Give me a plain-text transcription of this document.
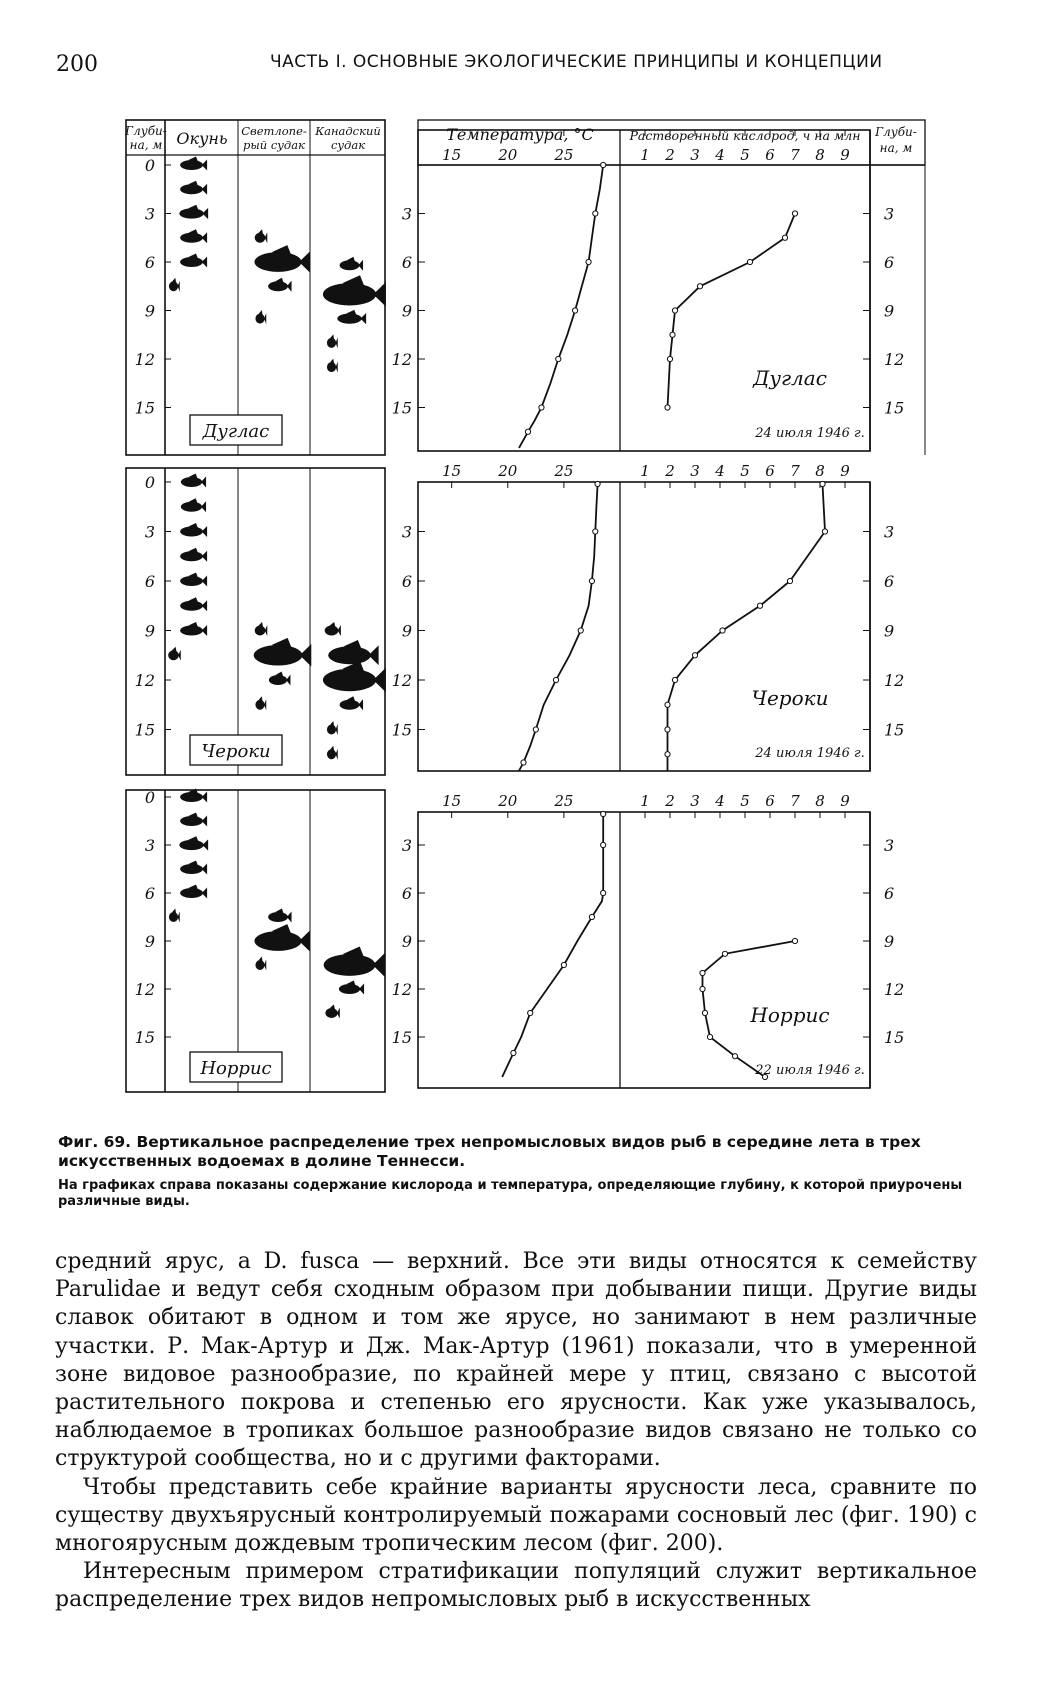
200	ЧАСТЬ I. ОСНОВНЫЕ ЭКОЛОГИЧЕСКИЕ ПРИНЦИПЫ И КОНЦЕПЦИИ
Глуби-
на, м Окунь Светлопе-
рый судак
Канадский
судак
0
3
6
9
12
15
Дуглас
0
3
6
9
12
15
Чероки
0
3
6
9
12
15
Норрис
Температура, °С	Растворенный кислород, ч на млн Глуби-
на, м
15 20 25	1 2 3 4 5 6 7 8 9
3	3
6	6
9	9
12	12
15	15
Дуглас
24 июля 1946 г.
15 20 25	1 2 3 4 5 6 7 8 9
3	3
6	6
9	9
12	12
15	15
Чероки
24 июля 1946 г.
15 20 25	1 2 3 4 5 6 7 8 9
3	3
6	6
9	9
12	12
15	15
Норрис
22 июля 1946 г.
Фиг. 69. Вертикальное распределение трех непромысловых видов рыб в середине лета в трех искусственных водоемах в долине Теннесси.
На графиках справа показаны содержание кислорода и температура, определяющие глубину, к которой приурочены различные виды.

средний ярус, а D. fusca — верхний. Все эти виды относятся к семейству Parulidae и ведут себя сходным образом при добывании пищи. Другие виды славок обитают в одном и том же ярусе, но занимают в нем различные участки. Р. Мак-Артур и Дж. Мак-Артур (1961) показали, что в умеренной зоне видовое разнообразие, по крайней мере у птиц, связано с высотой растительного покрова и степенью его ярусности. Как уже указывалось, наблюдаемое в тропиках большое разнообразие видов связано не только со структурой сообщества, но и с другими факторами.

Чтобы представить себе крайние варианты ярусности леса, сравните по существу двухъярусный контролируемый пожарами сосновый лес (фиг. 190) с многоярусным дождевым тропическим лесом (фиг. 200).

Интересным примером стратификации популяций служит вертикальное распределение трех видов непромысловых рыб в искусственных
